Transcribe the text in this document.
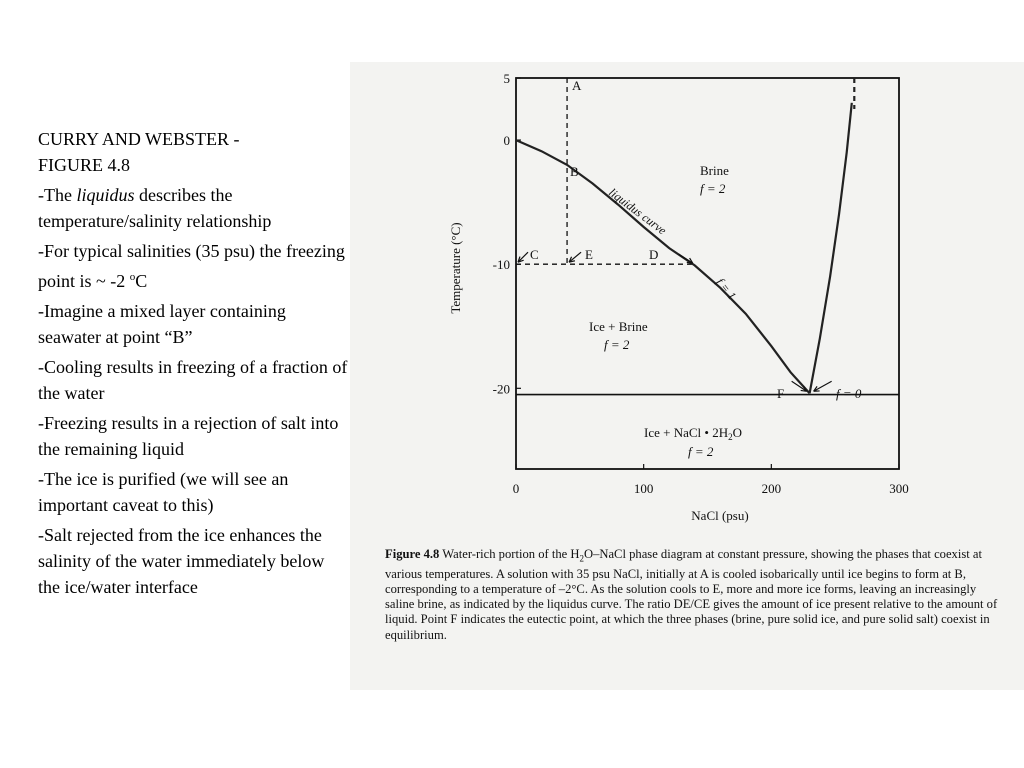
CURRY AND WEBSTER -
FIGURE 4.8

-The liquidus describes the temperature/salinity relationship

-For typical salinities (35 psu) the freezing point is ~ -2 $^o$C

-Imagine a mixed layer containing seawater at point “B”

-Cooling results in freezing of a fraction of the water

-Freezing results in a rejection of salt into the remaining liquid

-The ice is purified (we will see an important caveat to this)

-Salt rejected from the ice enhances the salinity of the water immediately below the ice/water interface

0	100	200	300
5
0
-10
-20
Temperature (°C)
NaCl (psu)
A
B
C	E	D
F
liquidus curve
f = 1
f = 0
Brine
f = 2
Ice + Brine
f = 2
Ice + NaCl • $2H_2O$
f = 2
Figure 4.8 Water-rich portion of the $H_2O$–NaCl phase diagram at constant pressure, showing the phases that coexist at various temperatures. A solution with 35 psu NaCl, initially at A is cooled isobarically until ice begins to form at B, corresponding to a temperature of –2°C. As the solution cools to E, more and more ice forms, leaving an increasingly saline brine, as indicated by the liquidus curve. The ratio DE/CE gives the amount of ice present relative to the amount of liquid. Point F indicates the eutectic point, at which the three phases (brine, pure solid ice, and pure solid salt) coexist in equilibrium.
